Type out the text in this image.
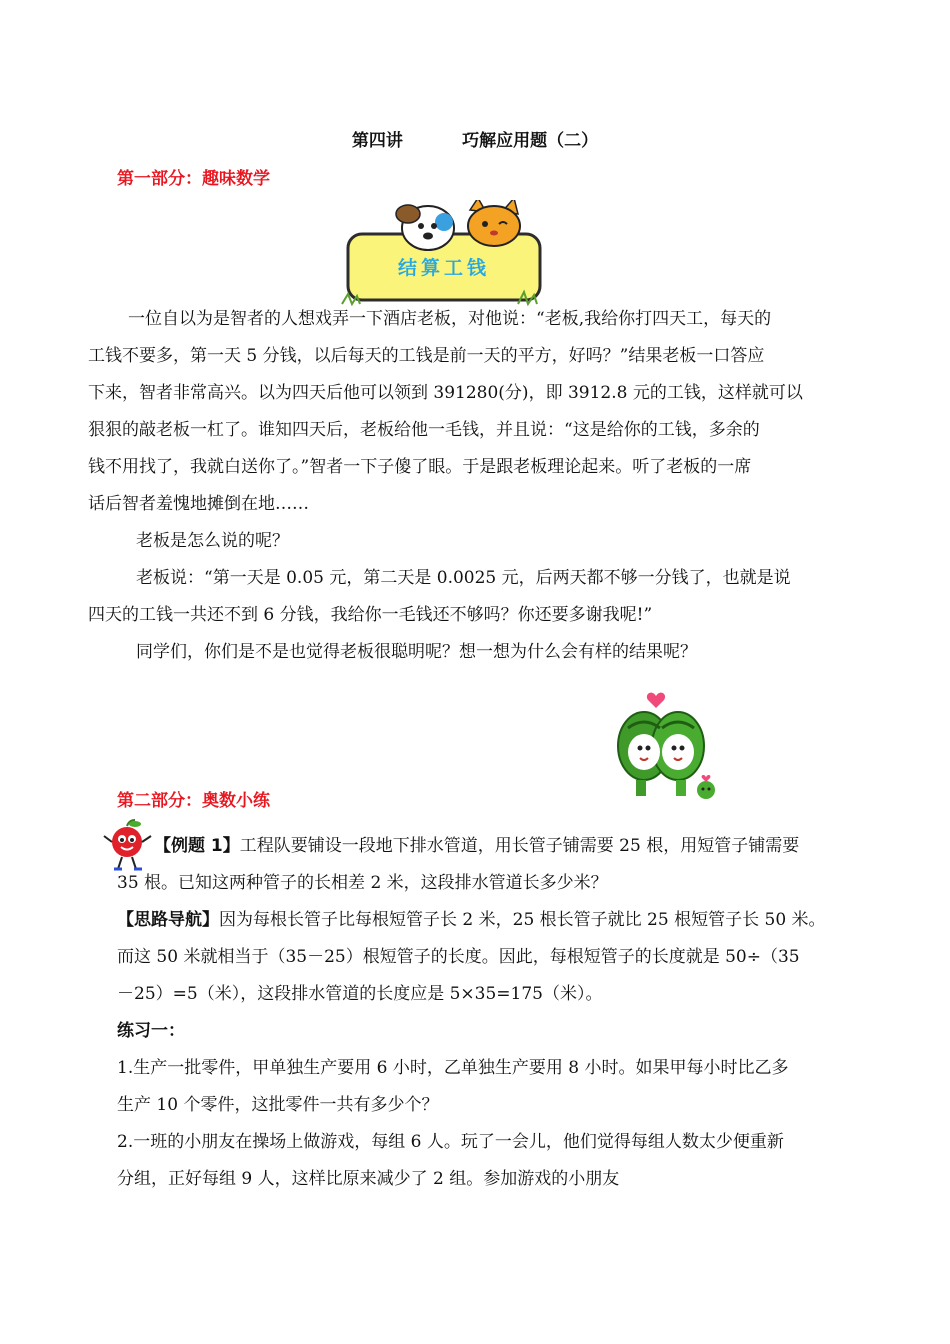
第四讲          巧解应用题（二）
第一部分：趣味数学
结算工钱
一位自以为是智者的人想戏弄一下酒店老板，对他说：“老板,我给你打四天工，每天的
工钱不要多，第一天 5 分钱，以后每天的工钱是前一天的平方，好吗？”结果老板一口答应
下来，智者非常高兴。以为四天后他可以领到 391280(分)，即 3912.8 元的工钱，这样就可以
狠狠的敲老板一杠了。谁知四天后，老板给他一毛钱，并且说：“这是给你的工钱，多余的
钱不用找了，我就白送你了。”智者一下子傻了眼。于是跟老板理论起来。听了老板的一席
话后智者羞愧地摊倒在地……
老板是怎么说的呢？
老板说：“第一天是 0.05 元，第二天是 0.0025 元，后两天都不够一分钱了，也就是说
四天的工钱一共还不到 6 分钱，我给你一毛钱还不够吗？你还要多谢我呢!”
同学们，你们是不是也觉得老板很聪明呢？想一想为什么会有样的结果呢？
第二部分：奥数小练
【例题 1】工程队要铺设一段地下排水管道，用长管子铺需要 25 根，用短管子铺需要
35 根。已知这两种管子的长相差 2 米，这段排水管道长多少米？
【思路导航】因为每根长管子比每根短管子长 2 米，25 根长管子就比 25 根短管子长 50 米。
而这 50 米就相当于（35－25）根短管子的长度。因此，每根短管子的长度就是 50÷（35
－25）=5（米），这段排水管道的长度应是 5×35=175（米）。
练习一：
1.生产一批零件，甲单独生产要用 6 小时，乙单独生产要用 8 小时。如果甲每小时比乙多
生产 10 个零件，这批零件一共有多少个？
2.一班的小朋友在操场上做游戏，每组 6 人。玩了一会儿，他们觉得每组人数太少便重新
分组，正好每组 9 人，这样比原来减少了 2 组。参加游戏的小朋友
